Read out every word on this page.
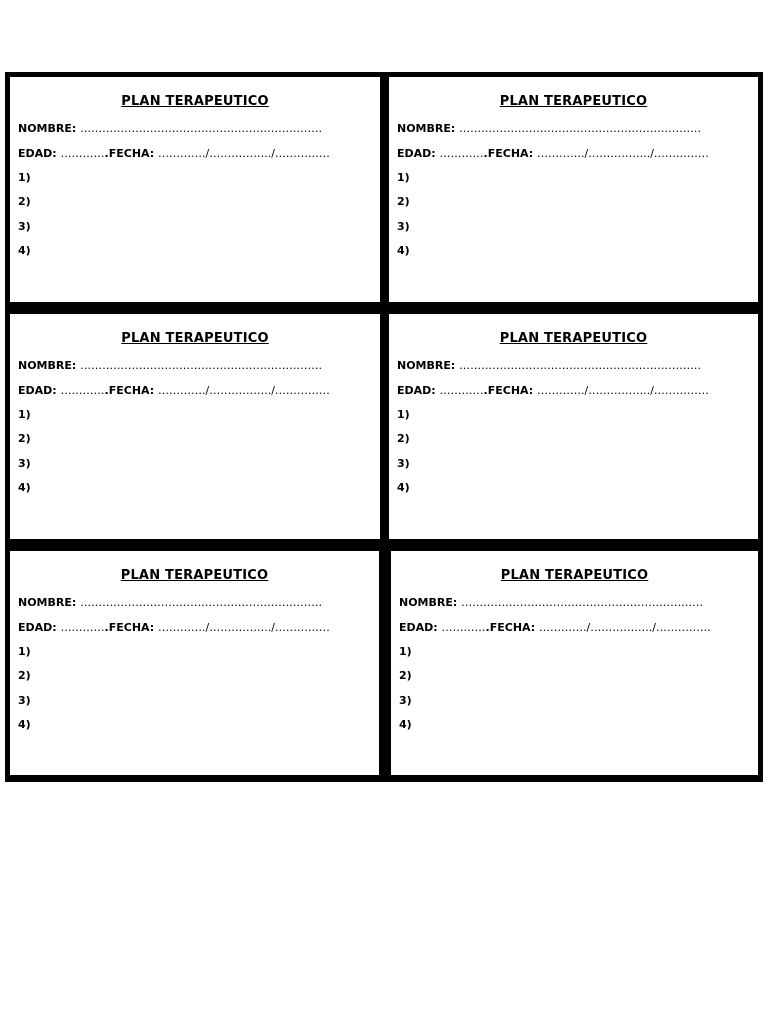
PLAN TERAPEUTICO
NOMBRE: …………………………………………………………
EDAD: ………….FECHA: …………./……………../……………
1)
2)
3)
4)
PLAN TERAPEUTICO
NOMBRE: …………………………………………………………
EDAD: ………….FECHA: …………./……………../……………
1)
2)
3)
4)
PLAN TERAPEUTICO
NOMBRE: …………………………………………………………
EDAD: ………….FECHA: …………./……………../……………
1)
2)
3)
4)
PLAN TERAPEUTICO
NOMBRE: …………………………………………………………
EDAD: ………….FECHA: …………./……………../……………
1)
2)
3)
4)
PLAN TERAPEUTICO
NOMBRE: …………………………………………………………
EDAD: ………….FECHA: …………./……………../……………
1)
2)
3)
4)
PLAN TERAPEUTICO
NOMBRE: …………………………………………………………
EDAD: ………….FECHA: …………./……………../……………
1)
2)
3)
4)
